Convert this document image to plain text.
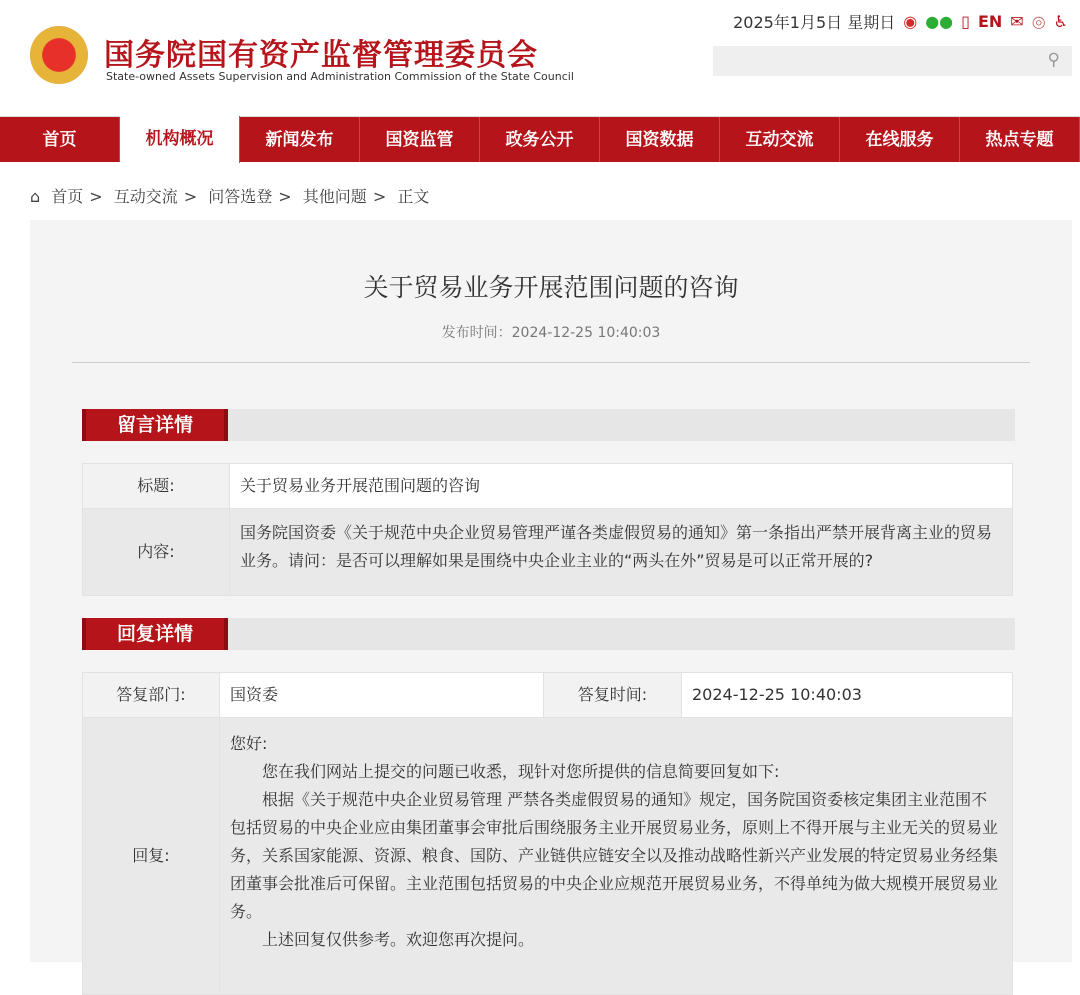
国务院国有资产监督管理委员会
State-owned Assets Supervision and Administration Commission of the State Council
2025年1月5日 星期日 ◉ ●● ▯ EN ✉ ◎ ♿
⚲
首页	机构概况	新闻发布	国资监管	政务公开	国资数据	互动交流	在线服务	热点专题
⌂ 首页 > 互动交流 > 问答选登 > 其他问题 > 正文
关于贸易业务开展范围问题的咨询
发布时间：2024-12-25 10:40:03
留言详情
标题:	关于贸易业务开展范围问题的咨询
内容:	国务院国资委《关于规范中央企业贸易管理严谨各类虚假贸易的通知》第一条指出严禁开展背离主业的贸易业务。请问：是否可以理解如果是围绕中央企业主业的“两头在外”贸易是可以正常开展的?
回复详情
答复部门:	国资委	答复时间:	2024-12-25 10:40:03
回复:	您好:
您在我们网站上提交的问题已收悉，现针对您所提供的信息简要回复如下:
根据《关于规范中央企业贸易管理 严禁各类虚假贸易的通知》规定，国务院国资委核定集团主业范围不包括贸易的中央企业应由集团董事会审批后围绕服务主业开展贸易业务，原则上不得开展与主业无关的贸易业务，关系国家能源、资源、粮食、国防、产业链供应链安全以及推动战略性新兴产业发展的特定贸易业务经集团董事会批准后可保留。主业范围包括贸易的中央企业应规范开展贸易业务，不得单纯为做大规模开展贸易业务。
上述回复仅供参考。欢迎您再次提问。		
